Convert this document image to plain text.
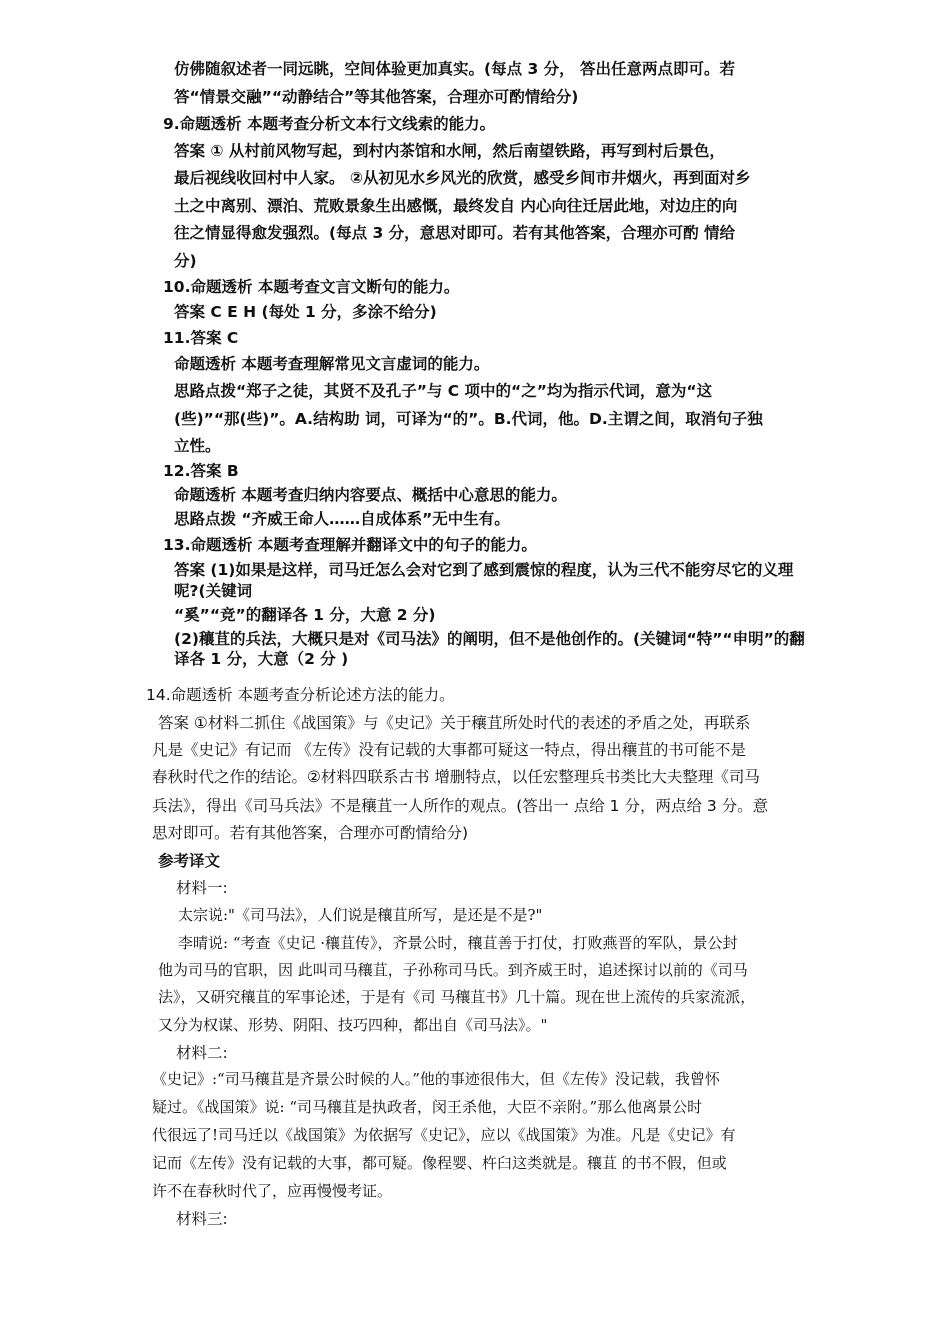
仿佛随叙述者一同远眺，空间体验更加真实。(每点 3 分， 答出任意两点即可。若
答“情景交融”“动静结合”等其他答案，合理亦可酌情给分)
9.命题透析 本题考查分析文本行文线索的能力。
答案 ① 从村前风物写起，到村内茶馆和水闸，然后南望铁路，再写到村后景色，
最后视线收回村中人家。 ②从初见水乡风光的欣赏，感受乡间市井烟火，再到面对乡
土之中离别、漂泊、荒败景象生出感慨，最终发自 内心向往迁居此地，对边庄的向
往之情显得愈发强烈。(每点 3 分，意思对即可。若有其他答案，合理亦可酌 情给
分)
10.命题透析 本题考查文言文断句的能力。
答案 C E H (每处 1 分，多涂不给分)
11.答案 C
命题透析 本题考查理解常见文言虚词的能力。
思路点拨“郑子之徒，其贤不及孔子”与 C 项中的“之”均为指示代词，意为“这
(些)”“那(些)”。A.结构助 词，可译为“的”。B.代词，他。D.主谓之间，取消句子独
立性。
12.答案 B
命题透析 本题考查归纳内容要点、概括中心意思的能力。
思路点拨 “齐威王命人……自成体系”无中生有。
13.命题透析 本题考查理解并翻译文中的句子的能力。
答案 (1)如果是这样，司马迁怎么会对它到了感到震惊的程度，认为三代不能穷尽它的义理
呢?(关键词
“奚”“竞”的翻译各 1 分，大意 2 分)
(2)穰苴的兵法，大概只是对《司马法》的阐明，但不是他创作的。(关键词“特”“申明”的翻
译各 1 分，大意（2 分 )
14.命题透析 本题考查分析论述方法的能力。
答案 ①材料二抓住《战国策》与《史记》关于穰苴所处时代的表述的矛盾之处，再联系
凡是《史记》有记而 《左传》没有记载的大事都可疑这一特点，得出穰苴的书可能不是
春秋时代之作的结论。②材料四联系古书 增删特点，以任宏整理兵书类比大夫整理《司马
兵法》，得出《司马兵法》不是穰苴一人所作的观点。(答出一 点给 1 分，两点给 3 分。意
思对即可。若有其他答案，合理亦可酌情给分)
参考译文
材料一:
太宗说:"《司马法》，人们说是穰苴所写，是还是不是?"
李晴说: “考查《史记 ·穰苴传》，齐景公时，穰苴善于打仗，打败燕晋的军队，景公封
他为司马的官职，因 此叫司马穰苴，子孙称司马氏。到齐威王时，追述探讨以前的《司马
法》，又研究穰苴的军事论述，于是有《司 马穰苴书》几十篇。现在世上流传的兵家流派，
又分为权谋、形势、阴阳、技巧四种，都出自《司马法》。"
材料二:
《史记》:“司马穰苴是齐景公时候的人。”他的事迹很伟大，但《左传》没记载，我曾怀
疑过。《战国策》说: “司马穰苴是执政者，闵王杀他，大臣不亲附。”那么他离景公时
代很远了!司马迁以《战国策》为依据写《史记》，应以《战国策》为准。凡是《史记》有
记而《左传》没有记载的大事，都可疑。像程婴、杵臼这类就是。穰苴 的书不假，但或
许不在春秋时代了，应再慢慢考证。
材料三:
